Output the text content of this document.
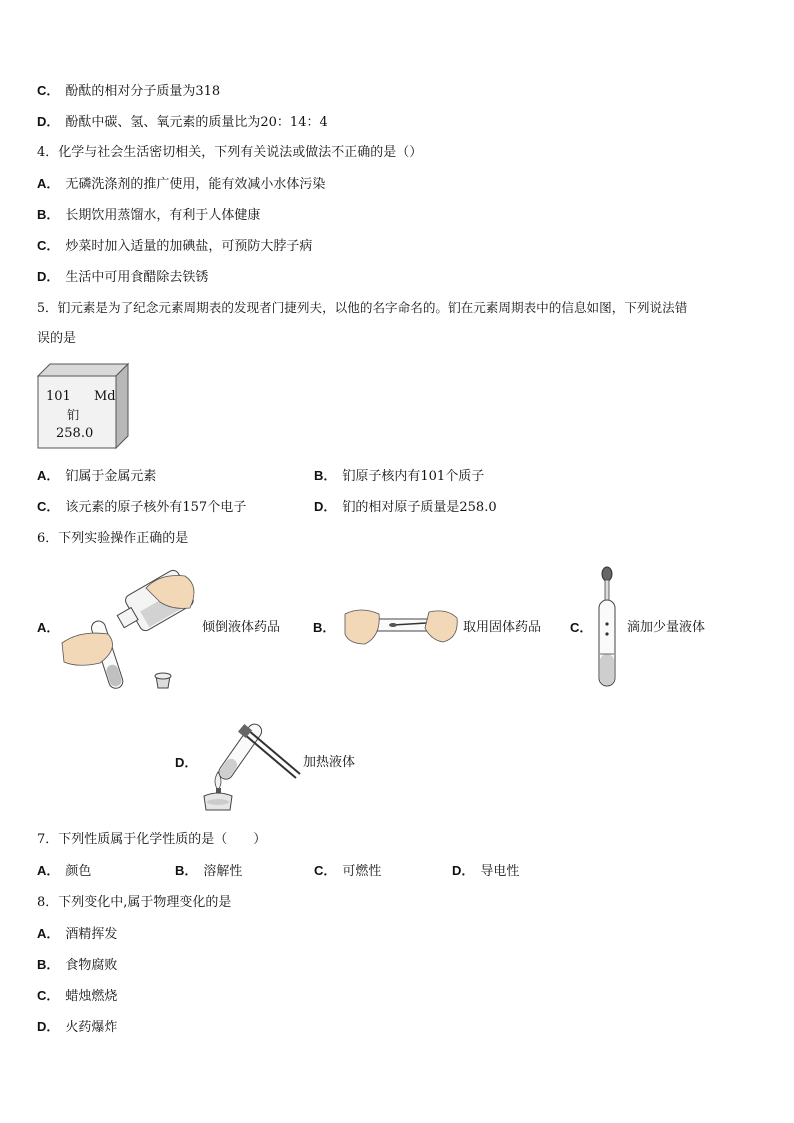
C． 酚酞的相对分子质量为318
D． 酚酞中碳、氢、氧元素的质量比为20：14：4
4．化学与社会生活密切相关，下列有关说法或做法不正确的是（）
A． 无磷洗涤剂的推广使用，能有效减小水体污染
B． 长期饮用蒸馏水，有利于人体健康
C． 炒菜时加入适量的加碘盐，可预防大脖子病
D． 生活中可用食醋除去铁锈
5．钔元素是为了纪念元素周期表的发现者门捷列夫，以他的名字命名的。钔在元素周期表中的信息如图，下列说法错
误的是
101 Md
钔
258.0
A． 钔属于金属元素	B． 钔原子核内有101个质子
C． 该元素的原子核外有157个电子	D． 钔的相对原子质量是258.0
6．下列实验操作正确的是
A．	倾倒液体药品	B．	取用固体药品 C．	滴加少量液体
D．	加热液体
7．下列性质属于化学性质的是（　　）
A． 颜色	B． 溶解性	C． 可燃性	D． 导电性
8．下列变化中,属于物理变化的是
A． 酒精挥发
B． 食物腐败
C． 蜡烛燃烧
D． 火药爆炸
